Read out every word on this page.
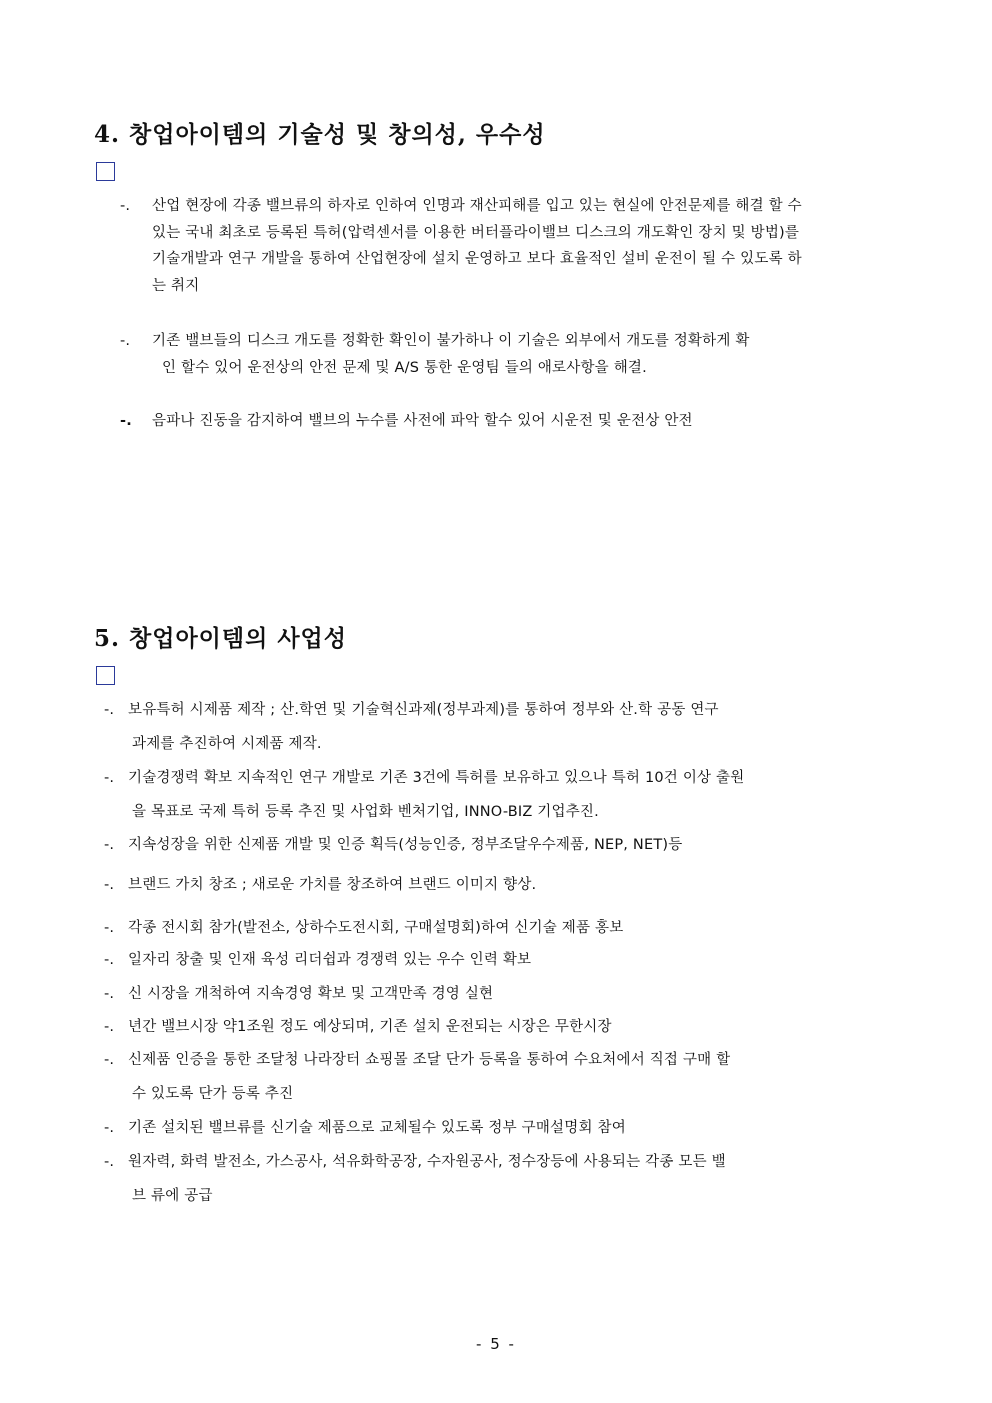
4. 창업아이템의 기술성 및 창의성, 우수성
-. 산업 현장에 각종 밸브류의 하자로 인하여 인명과 재산피해를 입고 있는 현실에 안전문제를 해결 할 수
있는 국내 최초로 등록된 특허(압력센서를 이용한 버터플라이밸브 디스크의 개도확인 장치 및 방법)를
기술개발과 연구 개발을 통하여 산업현장에 설치 운영하고 보다 효율적인 설비 운전이 될 수 있도록 하
는 취지
-. 기존 밸브들의 디스크 개도를 정확한 확인이 불가하나 이 기술은 외부에서 개도를 정확하게 확
인 할수 있어 운전상의 안전 문제 및 A/S 통한 운영팀 들의 애로사항을 해결.
-. 음파나 진동을 감지하여 밸브의 누수를 사전에 파악 할수 있어 시운전 및 운전상 안전
5. 창업아이템의 사업성
-. 보유특허 시제품 제작 ; 산.학연 및 기술혁신과제(정부과제)를 통하여 정부와 산.학 공동 연구
과제를 추진하여 시제품 제작.
-. 기술경쟁력 확보 지속적인 연구 개발로 기존 3건에 특허를 보유하고 있으나 특허 10건 이상 출원
을 목표로 국제 특허 등록 추진 및 사업화 벤처기업, INNO-BIZ 기업추진.
-. 지속성장을 위한 신제품 개발 및 인증 획득(성능인증, 정부조달우수제품, NEP, NET)등
-. 브랜드 가치 창조 ; 새로운 가치를 창조하여 브랜드 이미지 향상.
-. 각종 전시회 참가(발전소, 상하수도전시회, 구매설명회)하여 신기술 제품 홍보
-. 일자리 창출 및 인재 육성 리더쉽과 경쟁력 있는 우수 인력 확보
-. 신 시장을 개척하여 지속경영 확보 및 고객만족 경영 실현
-. 년간 밸브시장 약1조원 정도 예상되며, 기존 설치 운전되는 시장은 무한시장
-. 신제품 인증을 통한 조달청 나라장터 쇼핑몰 조달 단가 등록을 통하여 수요처에서 직접 구매 할
수 있도록 단가 등록 추진
-. 기존 설치된 밸브류를 신기술 제품으로 교체될수 있도록 정부 구매설명회 참여
-. 원자력, 화력 발전소, 가스공사, 석유화학공장, 수자원공사, 정수장등에 사용되는 각종 모든 밸
브 류에 공급
- 5 -
